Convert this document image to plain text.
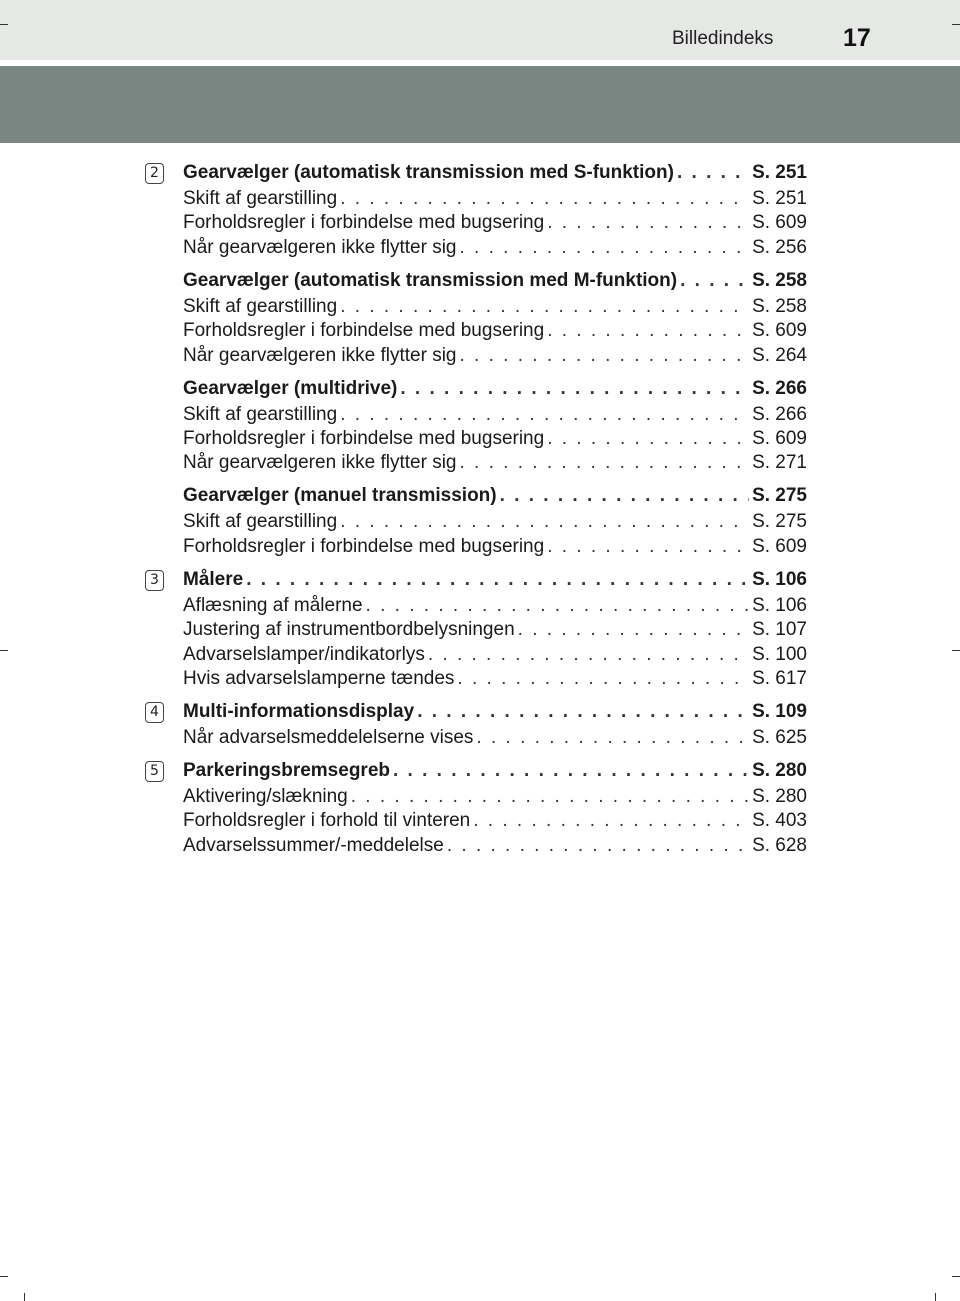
Billedindeks	17
2 Gearvælger (automatisk transmission med S-funktion) . . .	S. 251
Skift af gearstilling . . .	S. 251
Forholdsregler i forbindelse med bugsering . . .	S. 609
Når gearvælgeren ikke flytter sig . . .	S. 256
Gearvælger (automatisk transmission med M-funktion) . . .	S. 258
Skift af gearstilling . . .	S. 258
Forholdsregler i forbindelse med bugsering . . .	S. 609
Når gearvælgeren ikke flytter sig . . .	S. 264
Gearvælger (multidrive) . . .	S. 266
Skift af gearstilling . . .	S. 266
Forholdsregler i forbindelse med bugsering . . .	S. 609
Når gearvælgeren ikke flytter sig . . .	S. 271
Gearvælger (manuel transmission) . . .	S. 275
Skift af gearstilling . . .	S. 275
Forholdsregler i forbindelse med bugsering . . .	S. 609
3 Målere . . .	S. 106
Aflæsning af målerne . . .	S. 106
Justering af instrumentbordbelysningen . . .	S. 107
Advarselslamper/indikatorlys . . .	S. 100
Hvis advarselslamperne tændes . . .	S. 617
4 Multi-informationsdisplay . . .	S. 109
Når advarselsmeddelelserne vises . . .	S. 625
5 Parkeringsbremsegreb . . .	S. 280
Aktivering/slækning . . .	S. 280
Forholdsregler i forhold til vinteren . . .	S. 403
Advarselssummer/-meddelelse . . .	S. 628
